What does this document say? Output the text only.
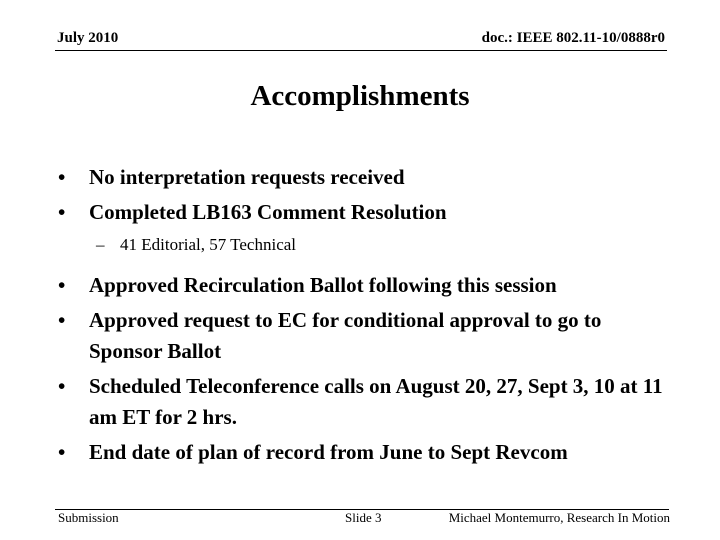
July 2010	doc.: IEEE 802.11-10/0888r0
Accomplishments
• No interpretation requests received
• Completed LB163 Comment Resolution
– 41 Editorial, 57 Technical
• Approved Recirculation Ballot following this session
• Approved request to EC for conditional approval to go to Sponsor Ballot
• Scheduled Teleconference calls on August 20, 27, Sept 3, 10 at 11 am ET for 2 hrs.
• End date of plan of record from June to Sept Revcom
Submission	Slide 3	Michael Montemurro, Research In Motion
